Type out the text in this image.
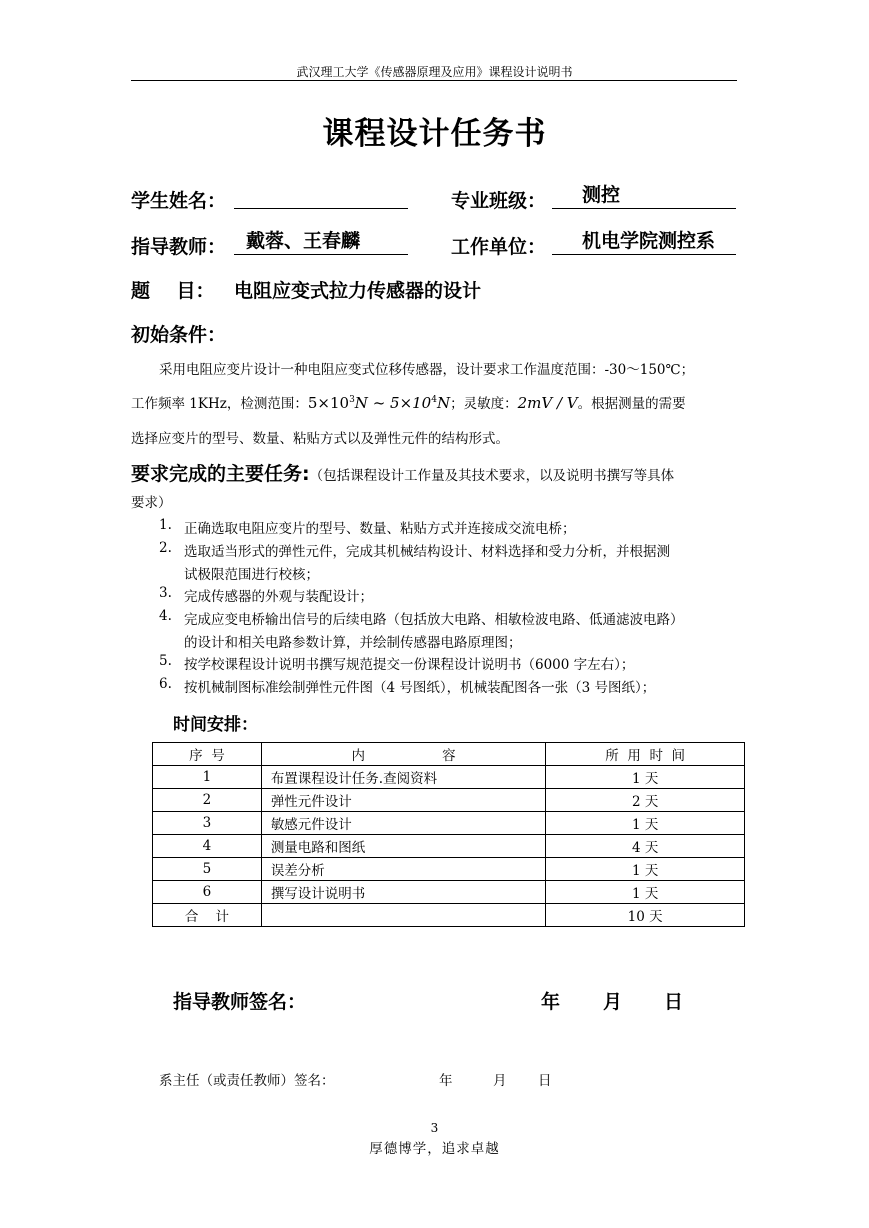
武汉理工大学《传感器原理及应用》课程设计说明书
课程设计任务书
学生姓名：	专业班级：	测控
指导教师：	戴蓉、王春麟	工作单位：	机电学院测控系
题    目： 电阻应变式拉力传感器的设计
初始条件：
采用电阻应变片设计一种电阻应变式位移传感器，设计要求工作温度范围：-30～150℃；
工作频率 1KHz，检测范围：$5\times 10^3N$ ~ $5\times 10^4N$；灵敏度：2mV / V。根据测量的需要
选择应变片的型号、数量、粘贴方式以及弹性元件的结构形式。
要求完成的主要任务:（包括课程设计工作量及其技术要求，以及说明书撰写等具体
要求）
1. 正确选取电阻应变片的型号、数量、粘贴方式并连接成交流电桥；
2. 选取适当形式的弹性元件，完成其机械结构设计、材料选择和受力分析，并根据测
试极限范围进行校核；
3. 完成传感器的外观与装配设计；
4. 完成应变电桥输出信号的后续电路（包括放大电路、相敏检波电路、低通滤波电路）
的设计和相关电路参数计算，并绘制传感器电路原理图；
5. 按学校课程设计说明书撰写规范提交一份课程设计说明书（6000 字左右）；
6. 按机械制图标准绘制弹性元件图（4 号图纸），机械装配图各一张（3 号图纸）；
时间安排：
序  号	内                  容	所  用  时  间
1	布置课程设计任务.查阅资料	1 天
2	弹性元件设计	2 天
3	敏感元件设计	1 天
4	测量电路和图纸	4 天
5	误差分析	1 天
6	撰写设计说明书	1 天
合    计		10 天
指导教师签名：	年 月 日
系主任（或责任教师）签名：	年	月 日
3
厚德博学，追求卓越
